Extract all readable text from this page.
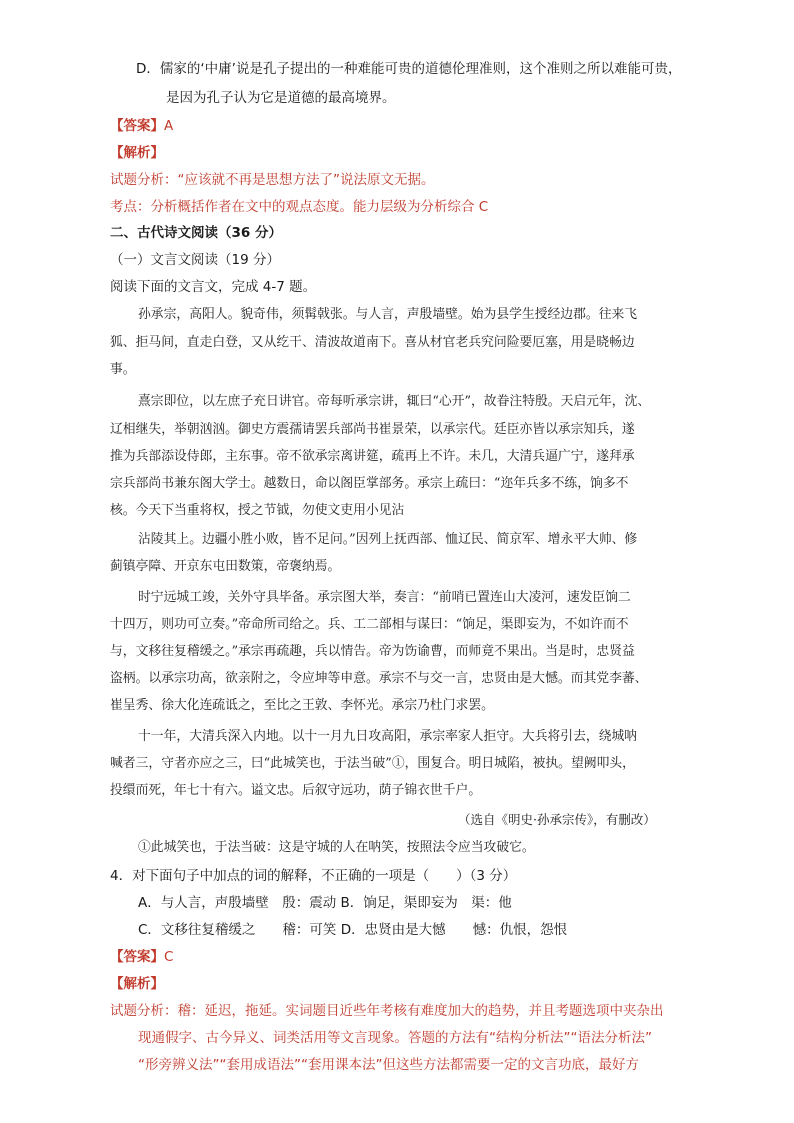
D．儒家的‘中庸’说是孔子提出的一种难能可贵的道德伦理准则，这个准则之所以难能可贵，
是因为孔子认为它是道德的最高境界。
【答案】A
【解析】
试题分析：“应该就不再是思想方法了”说法原文无据。
考点：分析概括作者在文中的观点态度。能力层级为分析综合 C
二、古代诗文阅读（36 分）
（一）文言文阅读（19 分）
阅读下面的文言文，完成 4-7 题。
孙承宗，高阳人。貌奇伟，须髯戟张。与人言，声殷墙壁。始为县学生授经边郡。往来飞
狐、拒马间，直走白登，又从纥干、清波故道南下。喜从材官老兵究问险要厄塞，用是晓畅边
事。
熹宗即位，以左庶子充日讲官。帝每听承宗讲，辄曰“心开”，故眷注特殷。天启元年，沈、
辽相继失，举朝汹汹。御史方震孺请罢兵部尚书崔景荣，以承宗代。廷臣亦皆以承宗知兵，遂
推为兵部添设侍郎，主东事。帝不欲承宗离讲筵，疏再上不许。未几，大清兵逼广宁，遂拜承
宗兵部尚书兼东阁大学士。越数日，命以阁臣掌部务。承宗上疏曰：“迩年兵多不练，饷多不
核。今天下当重将权，授之节钺，勿使文吏用小见沾
沾陵其上。边疆小胜小败，皆不足问。”因列上抚西部、恤辽民、简京军、增永平大帅、修
蓟镇亭障、开京东屯田数策，帝褒纳焉。
时宁远城工竣，关外守具毕备。承宗图大举，奏言：“前哨已置连山大凌河，速发臣饷二
十四万，则功可立奏。”帝命所司给之。兵、工二部相与谋曰：“饷足，渠即妄为，不如许而不
与，文移往复稽缓之。”承宗再疏趣，兵以情告。帝为饬谕曹，而师竟不果出。当是时，忠贤益
盗柄。以承宗功高，欲亲附之，令应坤等申意。承宗不与交一言，忠贤由是大憾。而其党李蕃、
崔呈秀、徐大化连疏诋之，至比之王敦、李怀光。承宗乃杜门求罢。
十一年，大清兵深入内地。以十一月九日攻高阳，承宗率家人拒守。大兵将引去，绕城呐
喊者三，守者亦应之三，曰“此城笑也，于法当破”①，围复合。明日城陷，被执。望阙叩头，
投缳而死，年七十有六。谥文忠。后叙守远功，荫子锦衣世千户。
（选自《明史·孙承宗传》，有删改）
①此城笑也，于法当破：这是守城的人在呐笑，按照法令应当攻破它。
4．对下面句子中加点的词的解释，不正确的一项是（　　）（3 分）
A．与人言，声殷墙壁　殷：震动 B．饷足，渠即妄为　渠：他
C．文移往复稽缓之　　稽：可笑 D．忠贤由是大憾　　憾：仇恨，怨恨
【答案】C
【解析】
试题分析：稽：延迟，拖延。实词题目近些年考核有难度加大的趋势，并且考题选项中夹杂出
现通假字、古今异义、词类活用等文言现象。答题的方法有“结构分析法”“语法分析法”
“形旁辨义法”“套用成语法”“套用课本法”但这些方法都需要一定的文言功底，最好方
